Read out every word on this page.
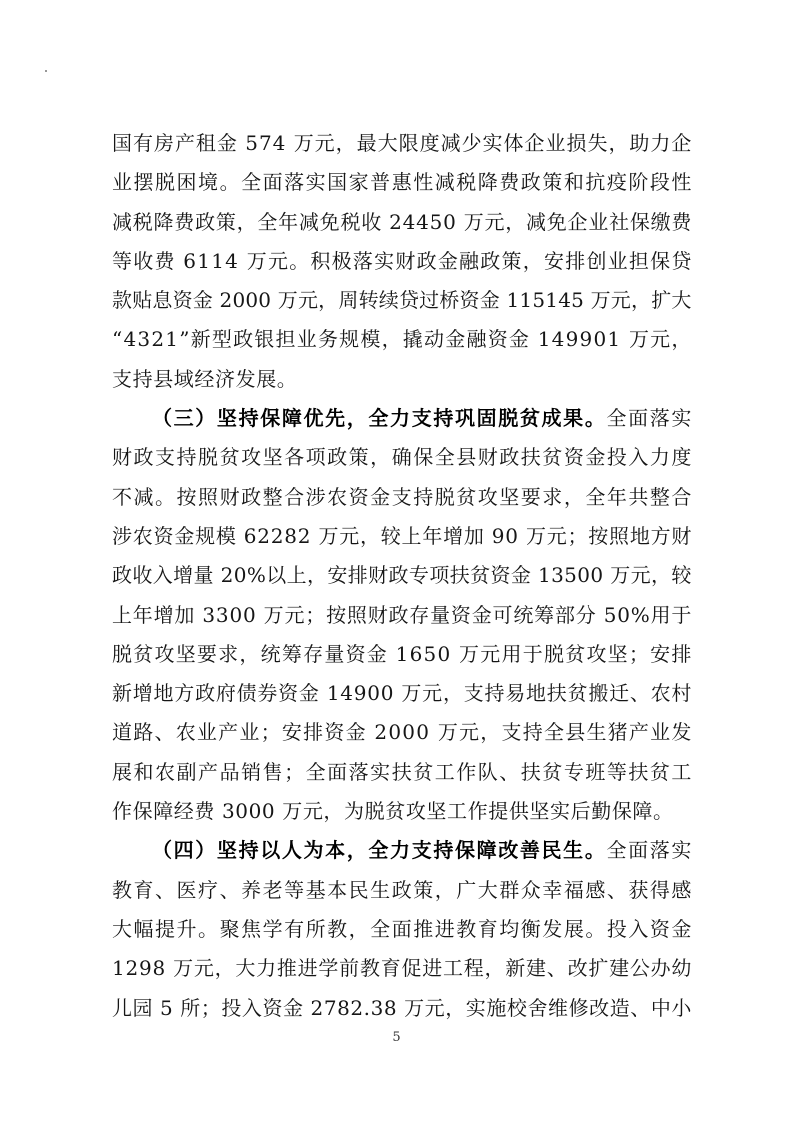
国有房产租金 574 万元，最大限度减少实体企业损失，助力企
业摆脱困境。全面落实国家普惠性减税降费政策和抗疫阶段性
减税降费政策，全年减免税收 24450 万元，减免企业社保缴费
等收费 6114 万元。积极落实财政金融政策，安排创业担保贷
款贴息资金 2000 万元，周转续贷过桥资金 115145 万元，扩大
“4321”新型政银担业务规模，撬动金融资金 149901 万元，
支持县域经济发展。
（三）坚持保障优先，全力支持巩固脱贫成果。全面落实
财政支持脱贫攻坚各项政策，确保全县财政扶贫资金投入力度
不减。按照财政整合涉农资金支持脱贫攻坚要求，全年共整合
涉农资金规模 62282 万元，较上年增加 90 万元；按照地方财
政收入增量 20%以上，安排财政专项扶贫资金 13500 万元，较
上年增加 3300 万元；按照财政存量资金可统筹部分 50%用于
脱贫攻坚要求，统筹存量资金 1650 万元用于脱贫攻坚；安排
新增地方政府债券资金 14900 万元，支持易地扶贫搬迁、农村
道路、农业产业；安排资金 2000 万元，支持全县生猪产业发
展和农副产品销售；全面落实扶贫工作队、扶贫专班等扶贫工
作保障经费 3000 万元，为脱贫攻坚工作提供坚实后勤保障。
（四）坚持以人为本，全力支持保障改善民生。全面落实
教育、医疗、养老等基本民生政策，广大群众幸福感、获得感
大幅提升。聚焦学有所教，全面推进教育均衡发展。投入资金
1298 万元，大力推进学前教育促进工程，新建、改扩建公办幼
儿园 5 所；投入资金 2782.38 万元，实施校舍维修改造、中小
5
